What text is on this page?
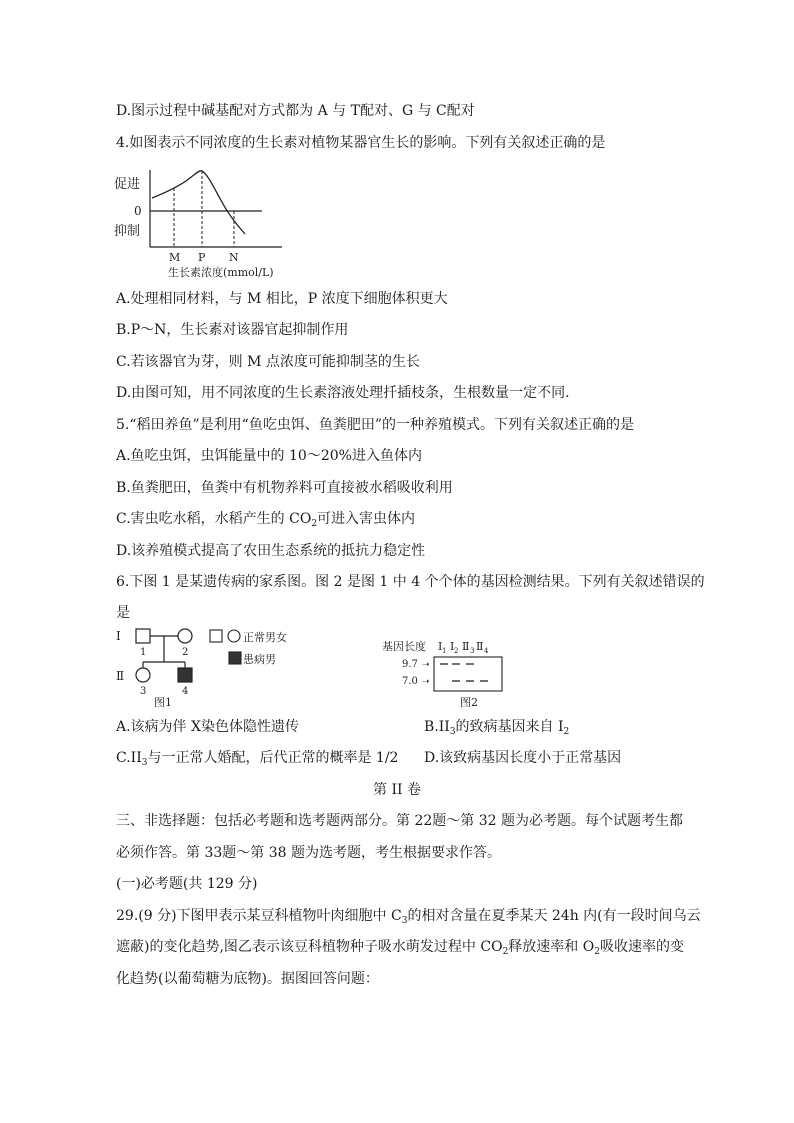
D.图示过程中碱基配对方式都为 A 与 T配对、G 与 C配对
4.如图表示不同浓度的生长素对植物某器官生长的影响。下列有关叙述正确的是
促进
0
抑制
M P N
生长素浓度(mmol/L)
A.处理相同材料，与 M 相比，P 浓度下细胞体积更大
B.P～N，生长素对该器官起抑制作用
C.若该器官为芽，则 M 点浓度可能抑制茎的生长
D.由图可知，用不同浓度的生长素溶液处理扦插枝条，生根数量一定不同.
5.“稻田养鱼”是利用“鱼吃虫饵、鱼粪肥田”的一种养殖模式。下列有关叙述正确的是
A.鱼吃虫饵，虫饵能量中的 10～20%进入鱼体内
B.鱼粪肥田，鱼粪中有机物养料可直接被水稻吸收利用
C.害虫吃水稻，水稻产生的 $CO_2$可进入害虫体内
D.该养殖模式提高了农田生态系统的抵抗力稳定性
6.下图 1 是某遗传病的家系图。图 2 是图 1 中 4 个个体的基因检测结果。下列有关叙述错误的
是
I
Ⅱ
1	2
3	4
图1
正常男女
患病男
基因长度 I 1 I 2 Ⅱ 3 Ⅱ 4
9.7 ➝
7.0 ➝
图2
A.该病为伴 X染色体隐性遗传	$B.II_3$的致病基因来自 $I_2$
$C.II_3$与一正常人婚配，后代正常的概率是 1/2 D.该致病基因长度小于正常基因
第 II 卷
三、非选择题：包括必考题和选考题两部分。第 22题～第 32 题为必考题。每个试题考生都
必须作答。第 33题～第 38 题为选考题，考生根据要求作答。
(一)必考题(共 129 分)
29.(9 分)下图甲表示某豆科植物叶肉细胞中 $C_3$的相对含量在夏季某天 24h 内(有一段时间乌云
遮蔽)的变化趋势,图乙表示该豆科植物种子吸水萌发过程中 $CO_2$释放速率和 $O_2$吸收速率的变
化趋势(以葡萄糖为底物)。据图回答问题：
